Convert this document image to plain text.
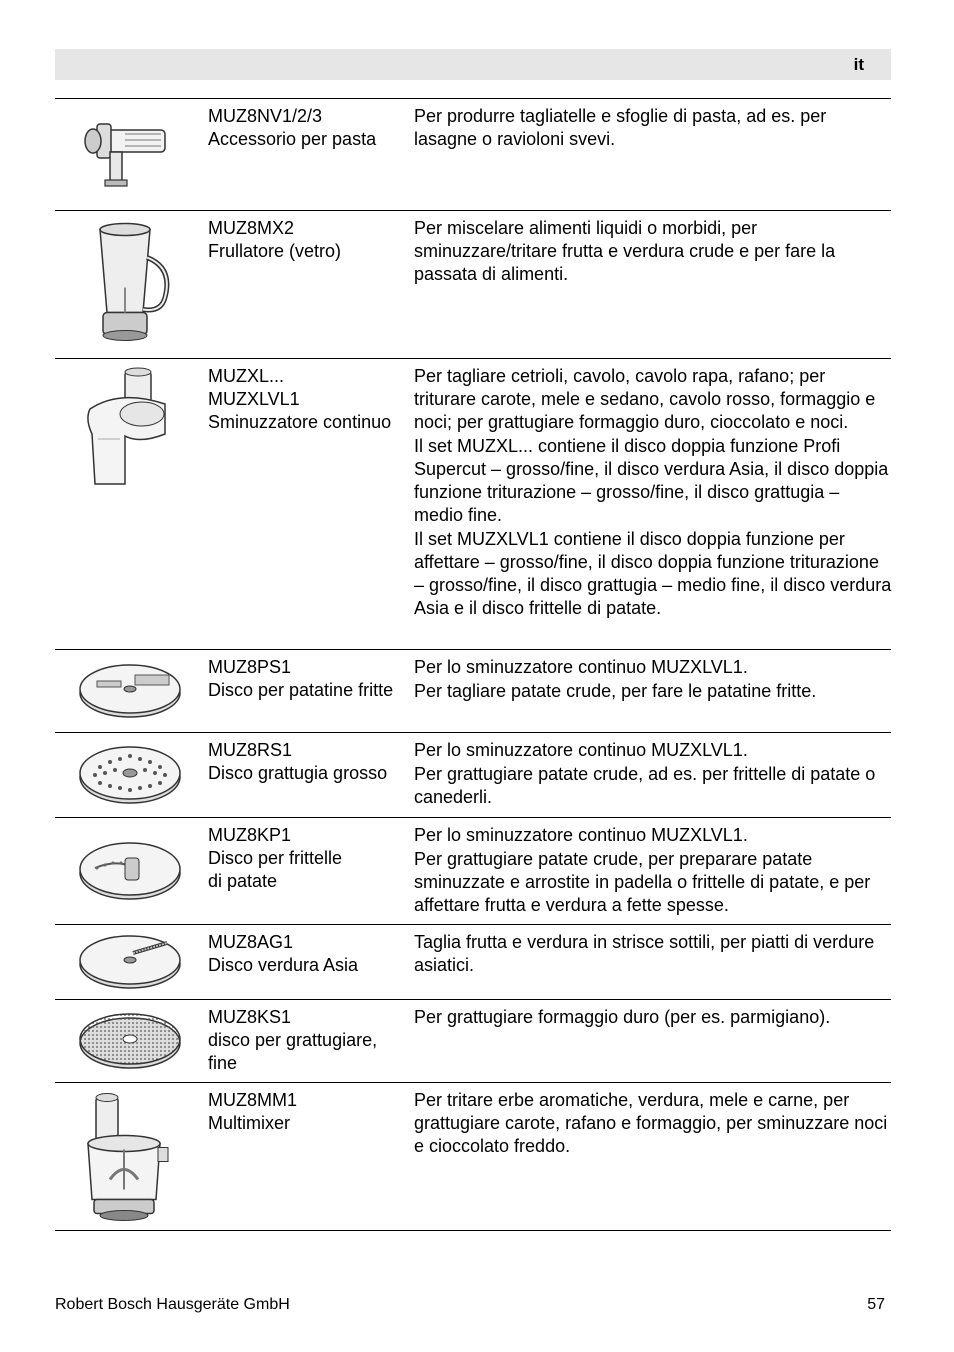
it
MUZ8NV1/2/3
Accessorio per pasta

Per produrre tagliatelle e sfoglie di pasta, ad es. per lasagne o ravioloni svevi.

MUZ8MX2
Frullatore (vetro)

Per miscelare alimenti liquidi o morbidi, per sminuzzare/tritare frutta e verdura crude e per fare la passata di alimenti.

MUZXL...
MUZXLVL1
Sminuzzatore continuo

Per tagliare cetrioli, cavolo, cavolo rapa, rafano; per triturare carote, mele e sedano, cavolo rosso, formaggio e noci; per grattugiare formaggio duro, cioccolato e noci.

Il set MUZXL... contiene il disco doppia funzione Profi Supercut – grosso/fine, il disco verdura Asia, il disco doppia funzione triturazione – grosso/fine, il disco grattugia – medio fine.

Il set MUZXLVL1 contiene il disco doppia funzione per affettare – grosso/fine, il disco doppia funzione triturazione – grosso/fine, il disco grattugia – medio fine, il disco verdura Asia e il disco frittelle di patate.

MUZ8PS1
Disco per patatine fritte

Per lo sminuzzatore continuo MUZXLVL1.

Per tagliare patate crude, per fare le patatine fritte.

MUZ8RS1
Disco grattugia grosso

Per lo sminuzzatore continuo MUZXLVL1.

Per grattugiare patate crude, ad es. per frittelle di patate o canederli.

MUZ8KP1
Disco per frittelle
di patate

Per lo sminuzzatore continuo MUZXLVL1.

Per grattugiare patate crude, per preparare patate sminuzzate e arrostite in padella o frittelle di patate, e per affettare frutta e verdura a fette spesse.

MUZ8AG1
Disco verdura Asia

Taglia frutta e verdura in strisce sottili, per piatti di verdure asiatici.

MUZ8KS1
disco per grattugiare, fine

Per grattugiare formaggio duro (per es. parmigiano).

MUZ8MM1
Multimixer

Per tritare erbe aromatiche, verdura, mele e carne, per grattugiare carote, rafano e formaggio, per sminuzzare noci e cioccolato freddo.

Robert Bosch Hausgeräte GmbH	57
